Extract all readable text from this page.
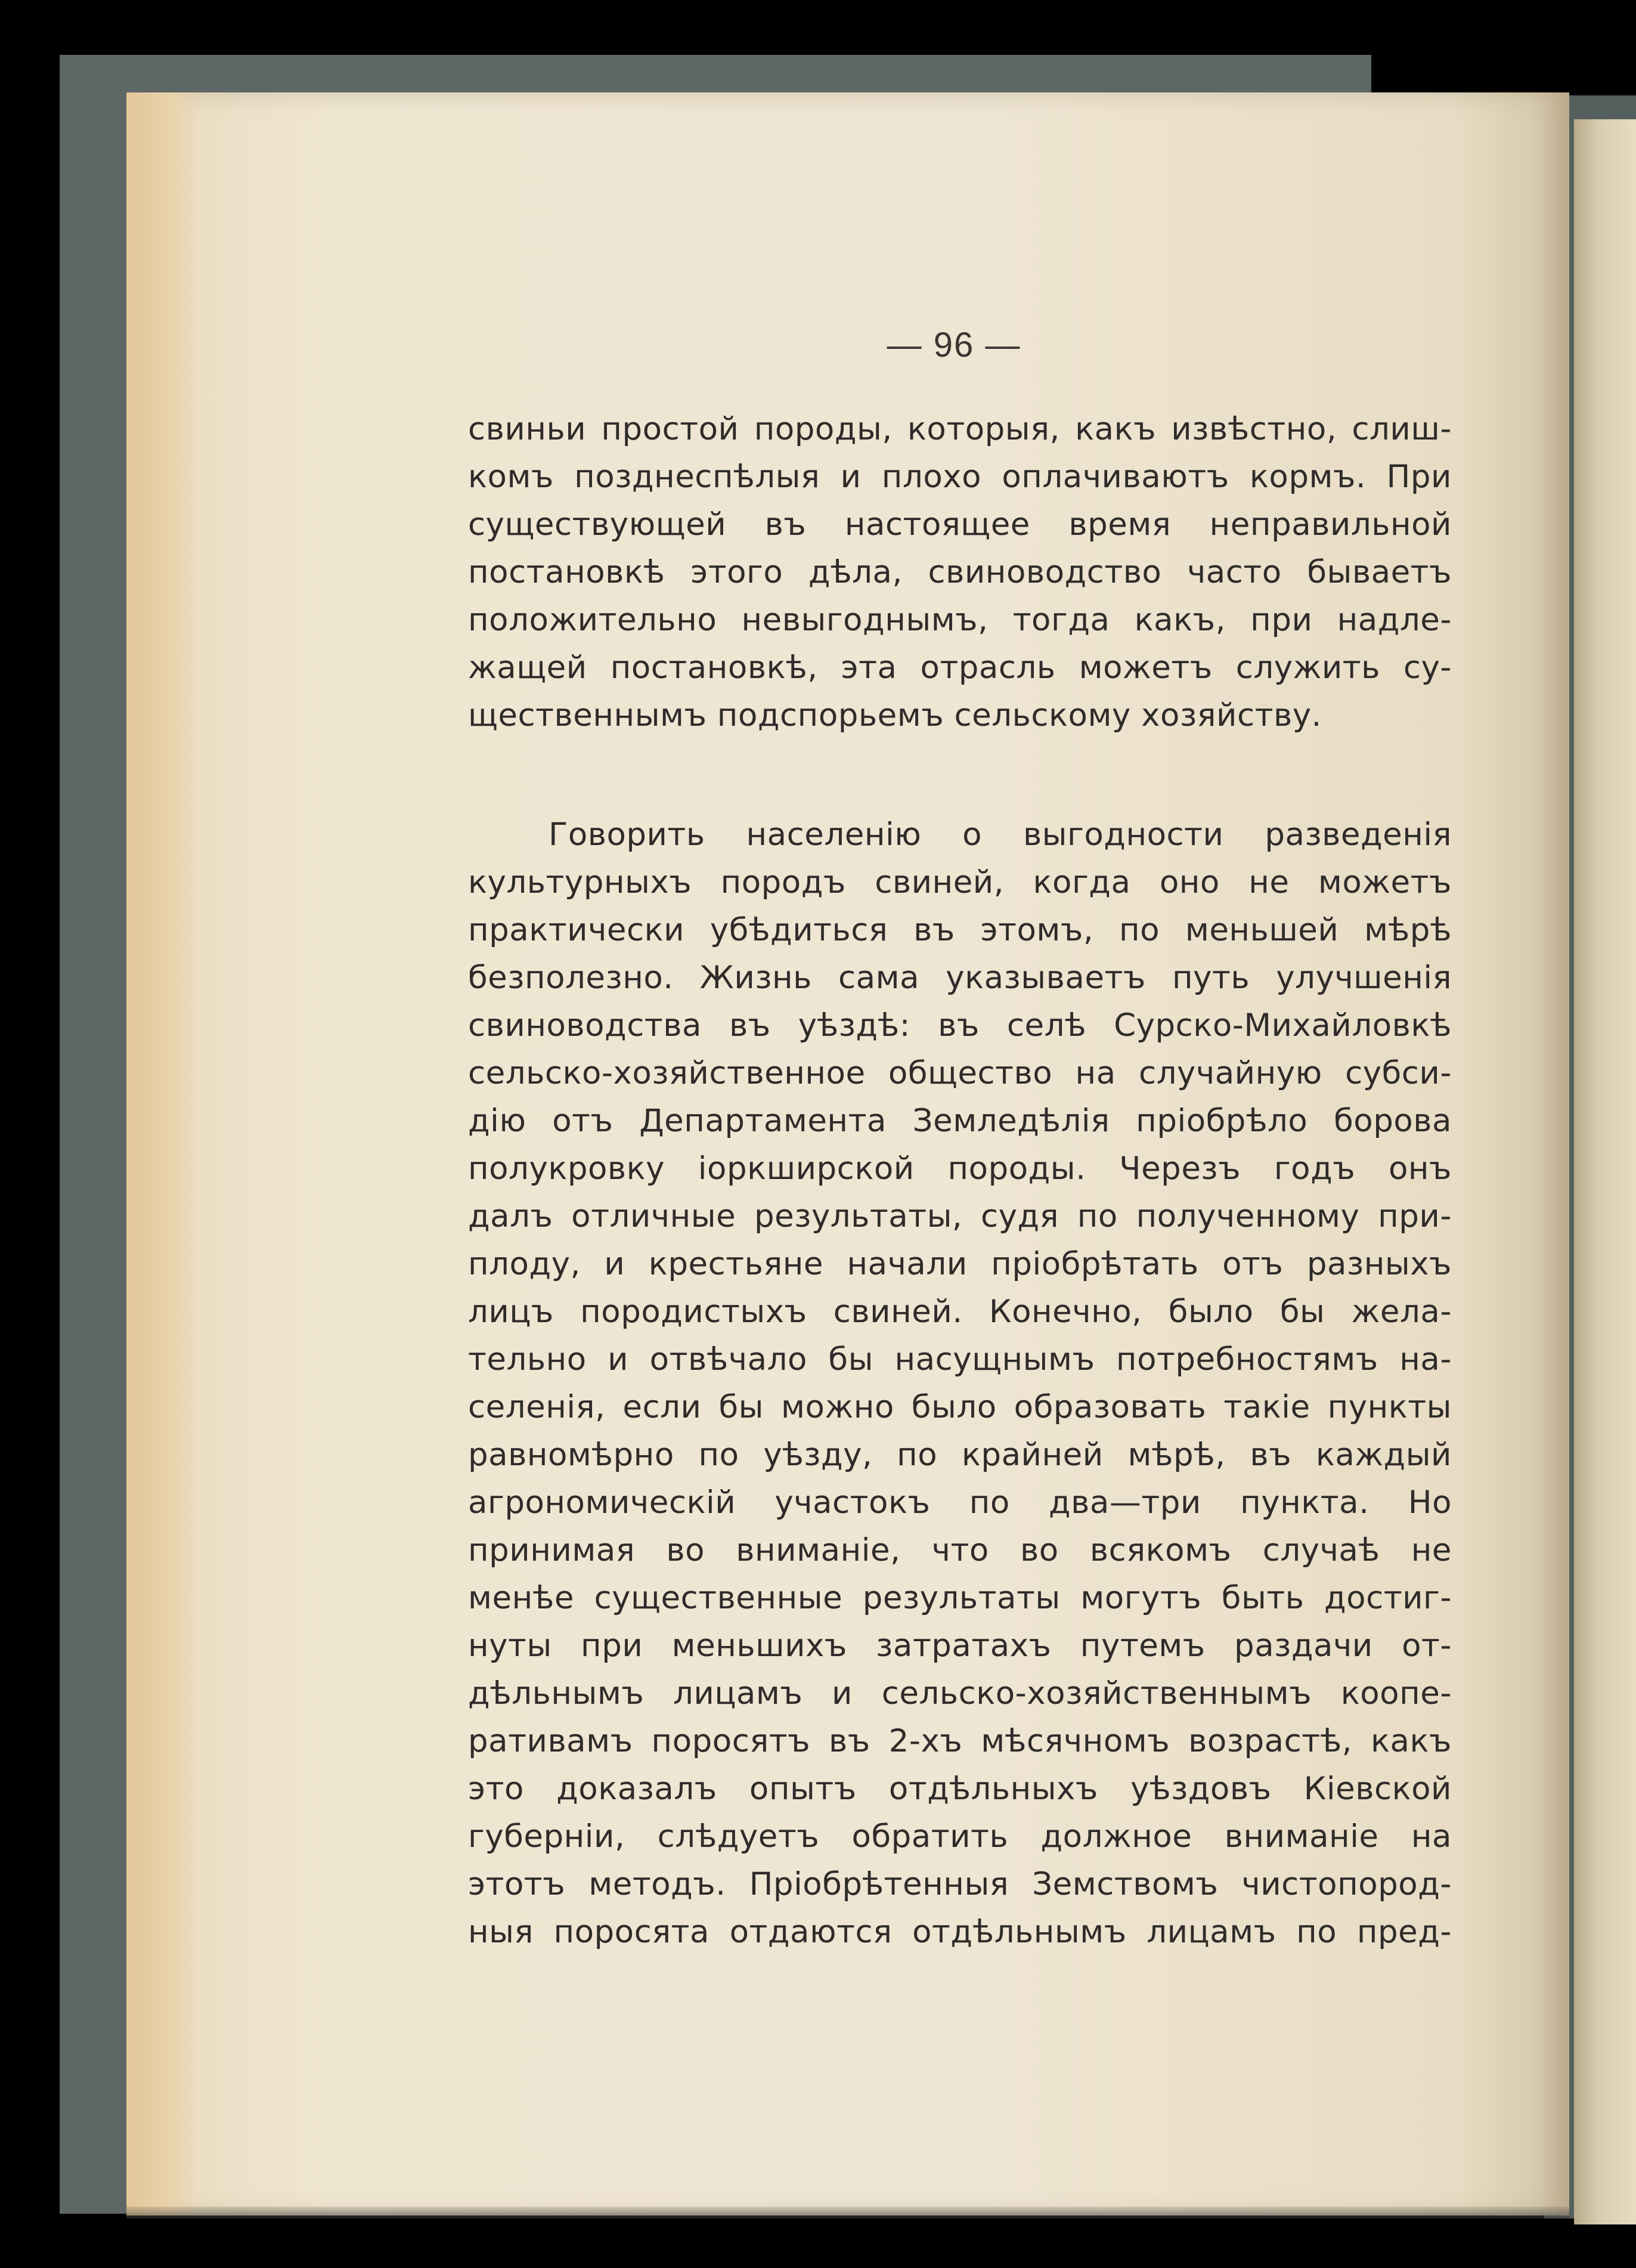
— 96 —
свиньи простой породы, которыя, какъ извѣстно, слиш-
комъ позднеспѣлыя и плохо оплачиваютъ кормъ. При
существующей въ настоящее время неправильной
постановкѣ этого дѣла, свиноводство часто бываетъ
положительно невыгоднымъ, тогда какъ, при надле-
жащей постановкѣ, эта отрасль можетъ служить су-
щественнымъ подспорьемъ сельскому хозяйству.
Говорить населенію о выгодности разведенія
культурныхъ породъ свиней, когда оно не можетъ
практически убѣдиться въ этомъ, по меньшей мѣрѣ
безполезно. Жизнь сама указываетъ путь улучшенія
свиноводства въ уѣздѣ: въ селѣ Сурско-Михайловкѣ
сельско-хозяйственное общество на случайную субси-
дію отъ Департамента Земледѣлія пріобрѣло борова
полукровку іоркширской породы. Черезъ годъ онъ
далъ отличные результаты, судя по полученному при-
плоду, и крестьяне начали пріобрѣтать отъ разныхъ
лицъ породистыхъ свиней. Конечно, было бы жела-
тельно и отвѣчало бы насущнымъ потребностямъ на-
селенія, если бы можно было образовать такіе пункты
равномѣрно по уѣзду, по крайней мѣрѣ, въ каждый
агрономическій участокъ по два—три пункта. Но
принимая во вниманіе, что во всякомъ случаѣ не
менѣе существенные результаты могутъ быть достиг-
нуты при меньшихъ затратахъ путемъ раздачи от-
дѣльнымъ лицамъ и сельско-хозяйственнымъ коопе-
ративамъ поросятъ въ 2-хъ мѣсячномъ возрастѣ, какъ
это доказалъ опытъ отдѣльныхъ уѣздовъ Кіевской
губерніи, слѣдуетъ обратить должное вниманіе на
этотъ методъ. Пріобрѣтенныя Земствомъ чистопород-
ныя поросята отдаются отдѣльнымъ лицамъ по пред-
